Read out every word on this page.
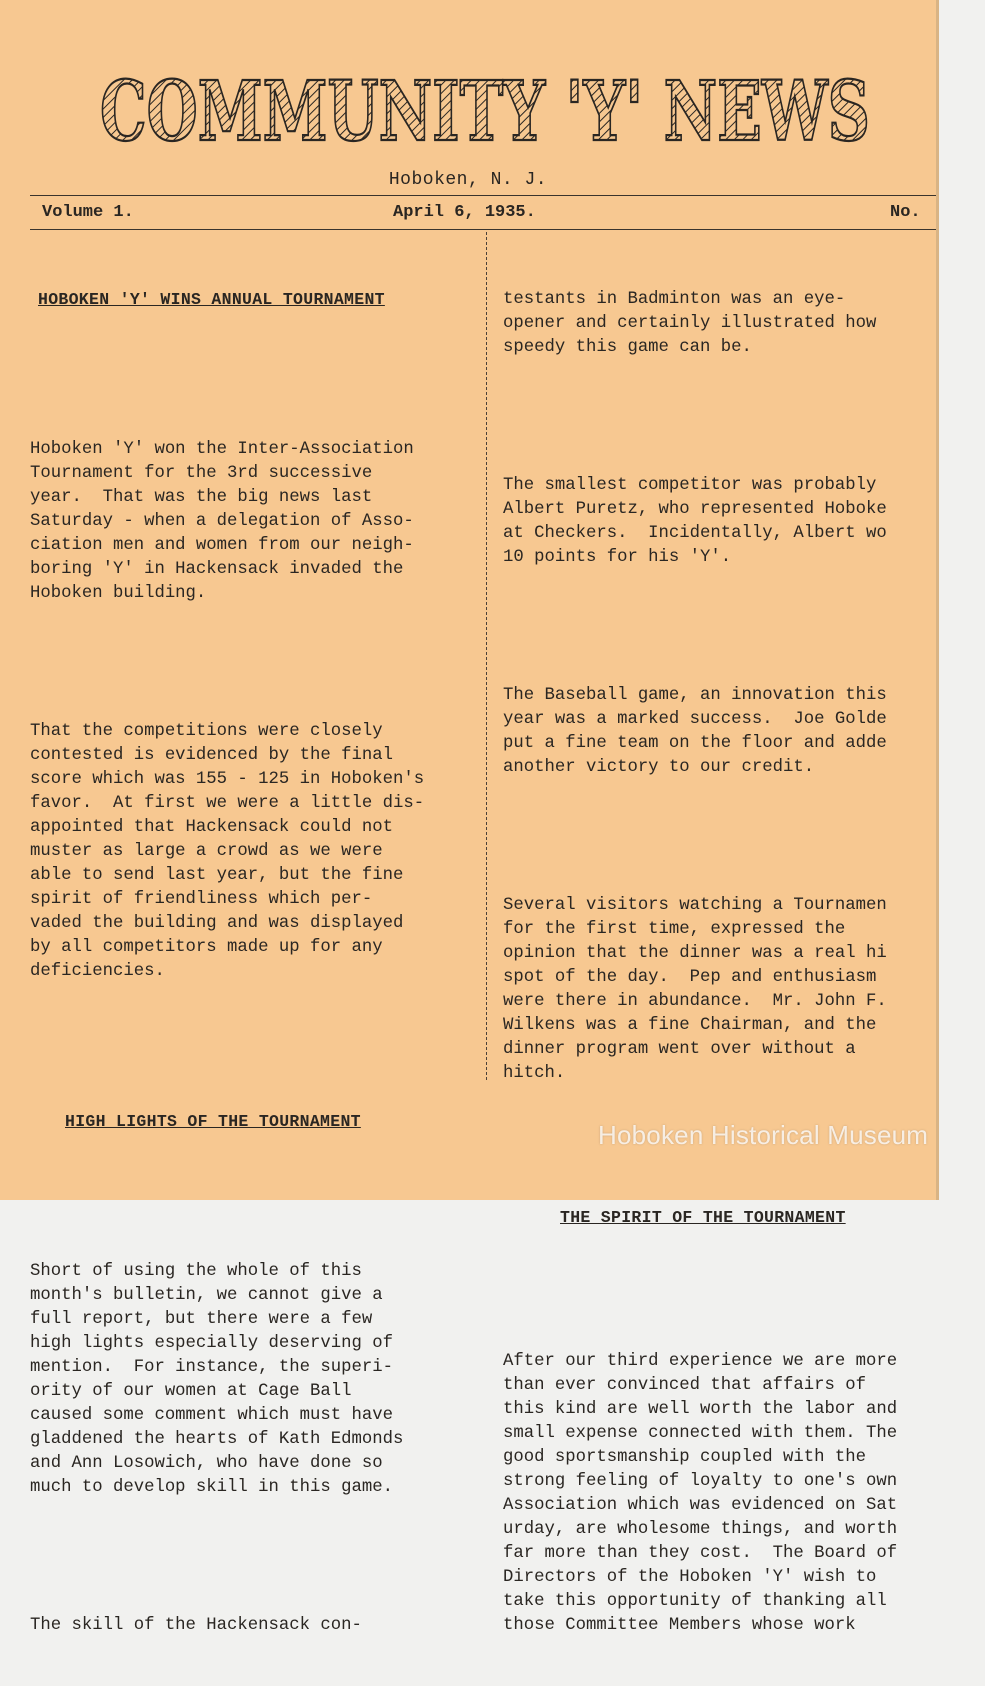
COMMUNITY 'Y' NEWS
Hoboken, N. J.
Volume 1.	April 6, 1935.	No.

HOBOKEN 'Y' WINS ANNUAL TOURNAMENT

Hoboken 'Y' won the Inter-Association
Tournament for the 3rd successive
year.  That was the big news last
Saturday - when a delegation of Asso-
ciation men and women from our neigh-
boring 'Y' in Hackensack invaded the
Hoboken building.

That the competitions were closely
contested is evidenced by the final
score which was 155 - 125 in Hoboken's
favor.  At first we were a little dis-
appointed that Hackensack could not
muster as large a crowd as we were
able to send last year, but the fine
spirit of friendliness which per-
vaded the building and was displayed
by all competitors made up for any
deficiencies.

HIGH LIGHTS OF THE TOURNAMENT

Short of using the whole of this
month's bulletin, we cannot give a
full report, but there were a few
high lights especially deserving of
mention.  For instance, the superi-
ority of our women at Cage Ball
caused some comment which must have
gladdened the hearts of Kath Edmonds
and Ann Losowich, who have done so
much to develop skill in this game.

The skill of the Hackensack con-

testants in Badminton was an eye-
opener and certainly illustrated how
speedy this game can be.

The smallest competitor was probably
Albert Puretz, who represented Hoboke
at Checkers.  Incidentally, Albert wo
10 points for his 'Y'.

The Baseball game, an innovation this
year was a marked success.  Joe Golde
put a fine team on the floor and adde
another victory to our credit.

Several visitors watching a Tournamen
for the first time, expressed the
opinion that the dinner was a real hi
spot of the day.  Pep and enthusiasm
were there in abundance.  Mr. John F.
Wilkens was a fine Chairman, and the
dinner program went over without a
hitch.

THE SPIRIT OF THE TOURNAMENT

After our third experience we are more
than ever convinced that affairs of
this kind are well worth the labor and
small expense connected with them. The
good sportsmanship coupled with the
strong feeling of loyalty to one's own
Association which was evidenced on Sat
urday, are wholesome things, and worth
far more than they cost.  The Board of
Directors of the Hoboken 'Y' wish to
take this opportunity of thanking all
those Committee Members whose work

Hoboken Historical Museum
